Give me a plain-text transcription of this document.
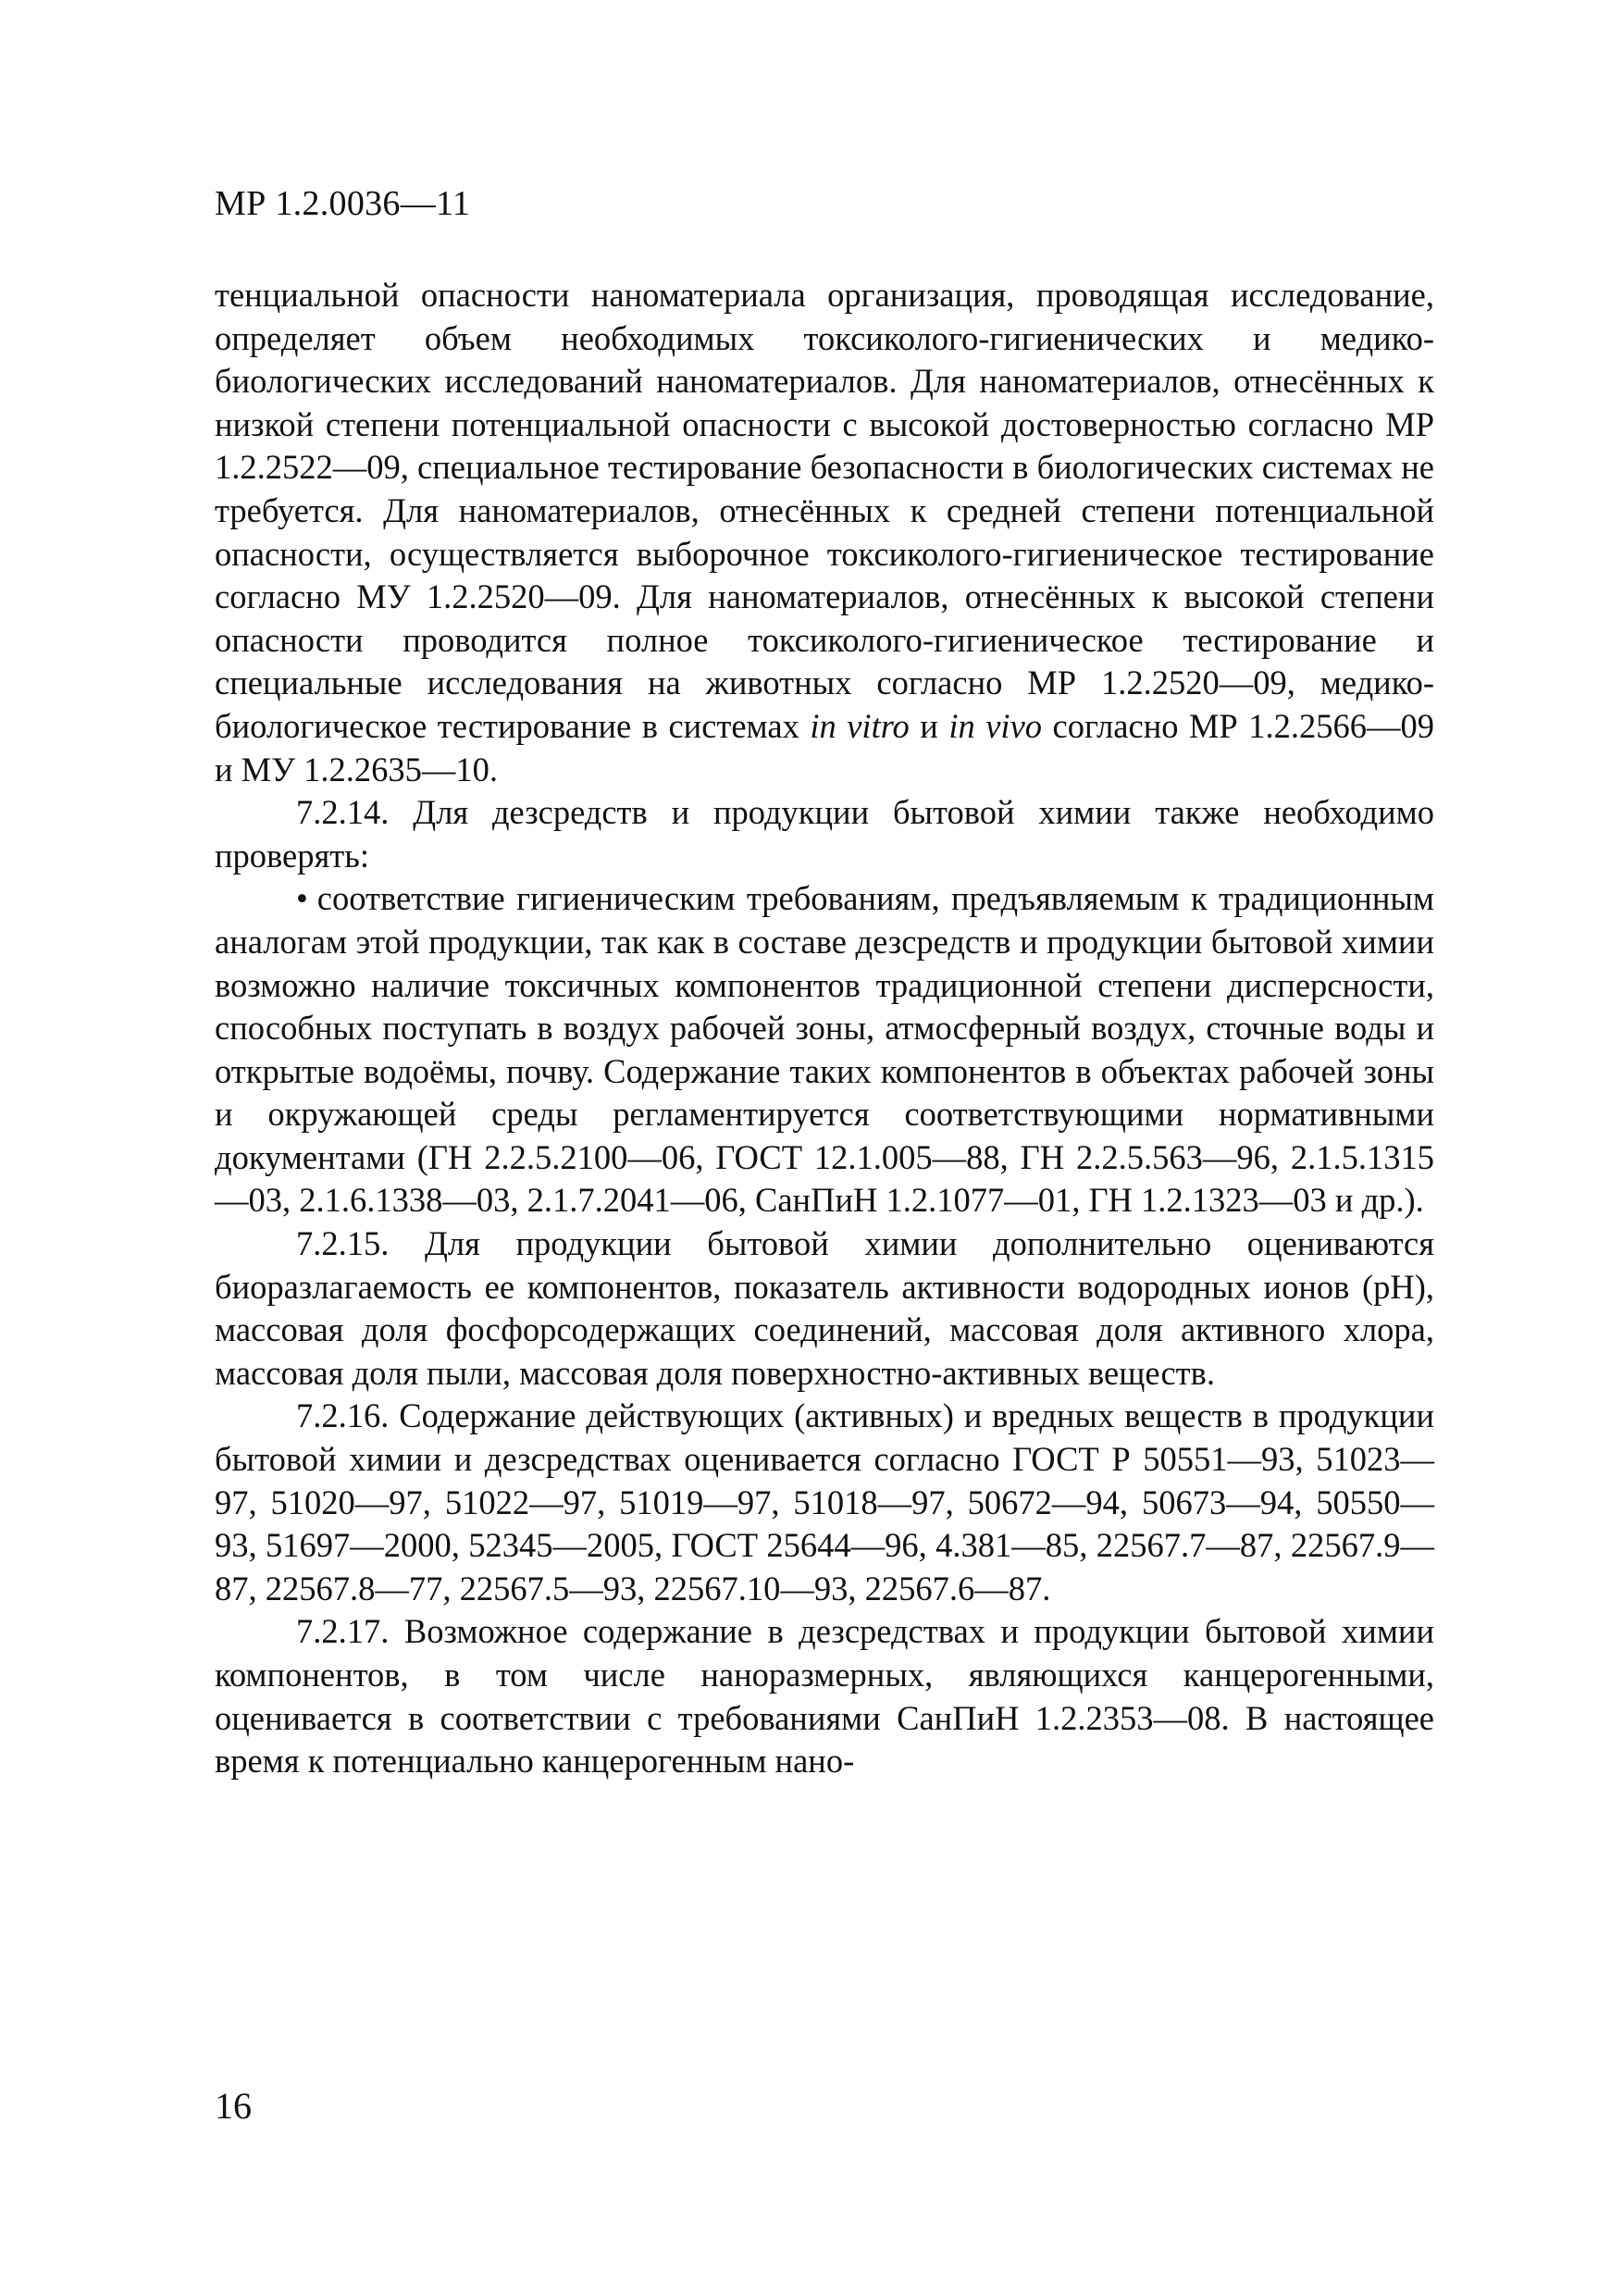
МР 1.2.0036—11

тенциальной опасности наноматериала организация, проводящая исследование, определяет объем необходимых токсиколого-гигиенических и медико-биологических исследований наноматериалов. Для наноматериалов, отнесённых к низкой степени потенциальной опасности с высокой достоверностью согласно МР 1.2.2522—09, специальное тестирование безопасности в биологических системах не требуется. Для наноматериалов, отнесённых к средней степени потенциальной опасности, осуществляется выборочное токсиколого-гигиеническое тестирование согласно МУ 1.2.2520—09. Для наноматериалов, отнесённых к высокой степени опасности проводится полное токсиколого-гигиеническое тестирование и специальные исследования на животных согласно МР 1.2.2520—09, медико-биологическое тестирование в системах in vitro и in vivo согласно МР 1.2.2566—09 и МУ 1.2.2635—10.

7.2.14. Для дезсредств и продукции бытовой химии также необходимо проверять:

• соответствие гигиеническим требованиям, предъявляемым к традиционным аналогам этой продукции, так как в составе дезсредств и продукции бытовой химии возможно наличие токсичных компонентов традиционной степени дисперсности, способных поступать в воздух рабочей зоны, атмосферный воздух, сточные воды и открытые водоёмы, почву. Содержание таких компонентов в объектах рабочей зоны и окружающей среды регламентируется соответствующими нормативными документами (ГН 2.2.5.2100—06, ГОСТ 12.1.005—88, ГН 2.2.5.563—96, 2.1.5.1315—03, 2.1.6.1338—03, 2.1.7.2041—06, СанПиН 1.2.1077—01, ГН 1.2.1323—03 и др.).

7.2.15. Для продукции бытовой химии дополнительно оцениваются биоразлагаемость ее компонентов, показатель активности водородных ионов (pH), массовая доля фосфорсодержащих соединений, массовая доля активного хлора, массовая доля пыли, массовая доля поверхностно-активных веществ.

7.2.16. Содержание действующих (активных) и вредных веществ в продукции бытовой химии и дезсредствах оценивается согласно ГОСТ Р 50551—93, 51023—97, 51020—97, 51022—97, 51019—97, 51018—97, 50672—94, 50673—94, 50550—93, 51697—2000, 52345—2005, ГОСТ 25644—96, 4.381—85, 22567.7—87, 22567.9—87, 22567.8—77, 22567.5—93, 22567.10—93, 22567.6—87.

7.2.17. Возможное содержание в дезсредствах и продукции бытовой химии компонентов, в том числе наноразмерных, являющихся канцерогенными, оценивается в соответствии с требованиями СанПиН 1.2.2353—08. В настоящее время к потенциально канцерогенным нано-

16
